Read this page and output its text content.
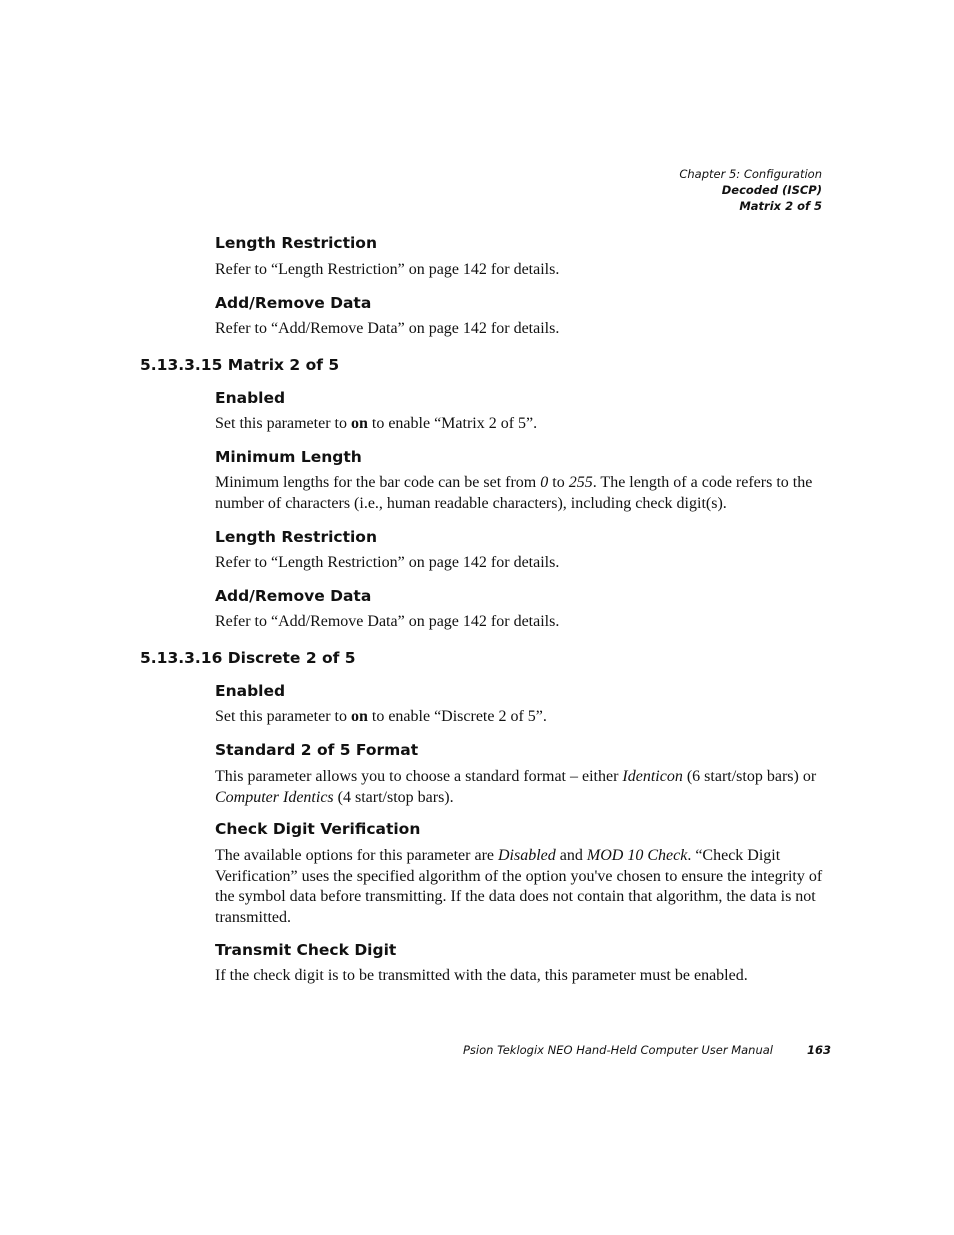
Chapter 5: Configuration
Decoded (ISCP)
Matrix 2 of 5
Length Restriction
Refer to “Length Restriction” on page 142 for details.
Add/Remove Data
Refer to “Add/Remove Data” on page 142 for details.
5.13.3.15 Matrix 2 of 5
Enabled
Set this parameter to on to enable “Matrix 2 of 5”.
Minimum Length
Minimum lengths for the bar code can be set from 0 to 255. The length of a code refers to the number of characters (i.e., human readable characters), including check digit(s).
Length Restriction
Refer to “Length Restriction” on page 142 for details.
Add/Remove Data
Refer to “Add/Remove Data” on page 142 for details.
5.13.3.16 Discrete 2 of 5
Enabled
Set this parameter to on to enable “Discrete 2 of 5”.
Standard 2 of 5 Format
This parameter allows you to choose a standard format – either Identicon (6 start/stop bars) or Computer Identics (4 start/stop bars).
Check Digit Verification
The available options for this parameter are Disabled and MOD 10 Check. “Check Digit Verification” uses the specified algorithm of the option you've chosen to ensure the integrity of the symbol data before transmitting. If the data does not contain that algorithm, the data is not transmitted.
Transmit Check Digit
If the check digit is to be transmitted with the data, this parameter must be enabled.
Psion Teklogix NEO Hand-Held Computer User Manual	163
